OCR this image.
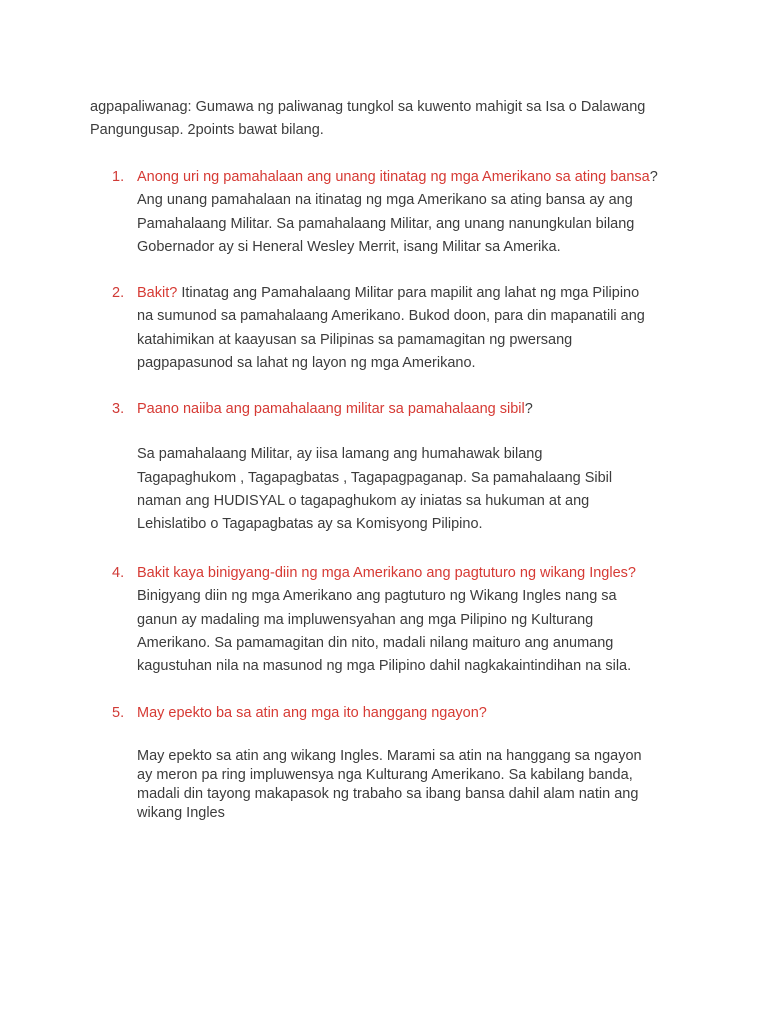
agpapaliwanag: Gumawa ng paliwanag tungkol sa kuwento mahigit sa Isa o Dalawang
Pangungusap. 2points bawat bilang.
1. Anong uri ng pamahalaan ang unang itinatag ng mga Amerikano sa ating bansa?
Ang unang pamahalaan na itinatag ng mga Amerikano sa ating bansa ay ang
Pamahalaang Militar. Sa pamahalaang Militar, ang unang nanungkulan bilang
Gobernador ay si Heneral Wesley Merrit, isang Militar sa Amerika.
2. Bakit? Itinatag ang Pamahalaang Militar para mapilit ang lahat ng mga Pilipino
na sumunod sa pamahalaang Amerikano. Bukod doon, para din mapanatili ang
katahimikan at kaayusan sa Pilipinas sa pamamagitan ng pwersang
pagpapasunod sa lahat ng layon ng mga Amerikano.
3. Paano naiiba ang pamahalaang militar sa pamahalaang sibil?
Sa pamahalaang Militar, ay iisa lamang ang humahawak bilang
Tagapaghukom , Tagapagbatas , Tagapagpaganap. Sa pamahalaang Sibil
naman ang HUDISYAL o tagapaghukom ay iniatas sa hukuman at ang
Lehislatibo o Tagapagbatas ay sa Komisyong Pilipino.
4. Bakit kaya binigyang-diin ng mga Amerikano ang pagtuturo ng wikang Ingles?
Binigyang diin ng mga Amerikano ang pagtuturo ng Wikang Ingles nang sa
ganun ay madaling ma impluwensyahan ang mga Pilipino ng Kulturang
Amerikano. Sa pamamagitan din nito, madali nilang maituro ang anumang
kagustuhan nila na masunod ng mga Pilipino dahil nagkakaintindihan na sila.
5. May epekto ba sa atin ang mga ito hanggang ngayon?
May epekto sa atin ang wikang Ingles. Marami sa atin na hanggang sa ngayon
ay meron pa ring impluwensya nga Kulturang Amerikano. Sa kabilang banda,
madali din tayong makapasok ng trabaho sa ibang bansa dahil alam natin ang
wikang Ingles
